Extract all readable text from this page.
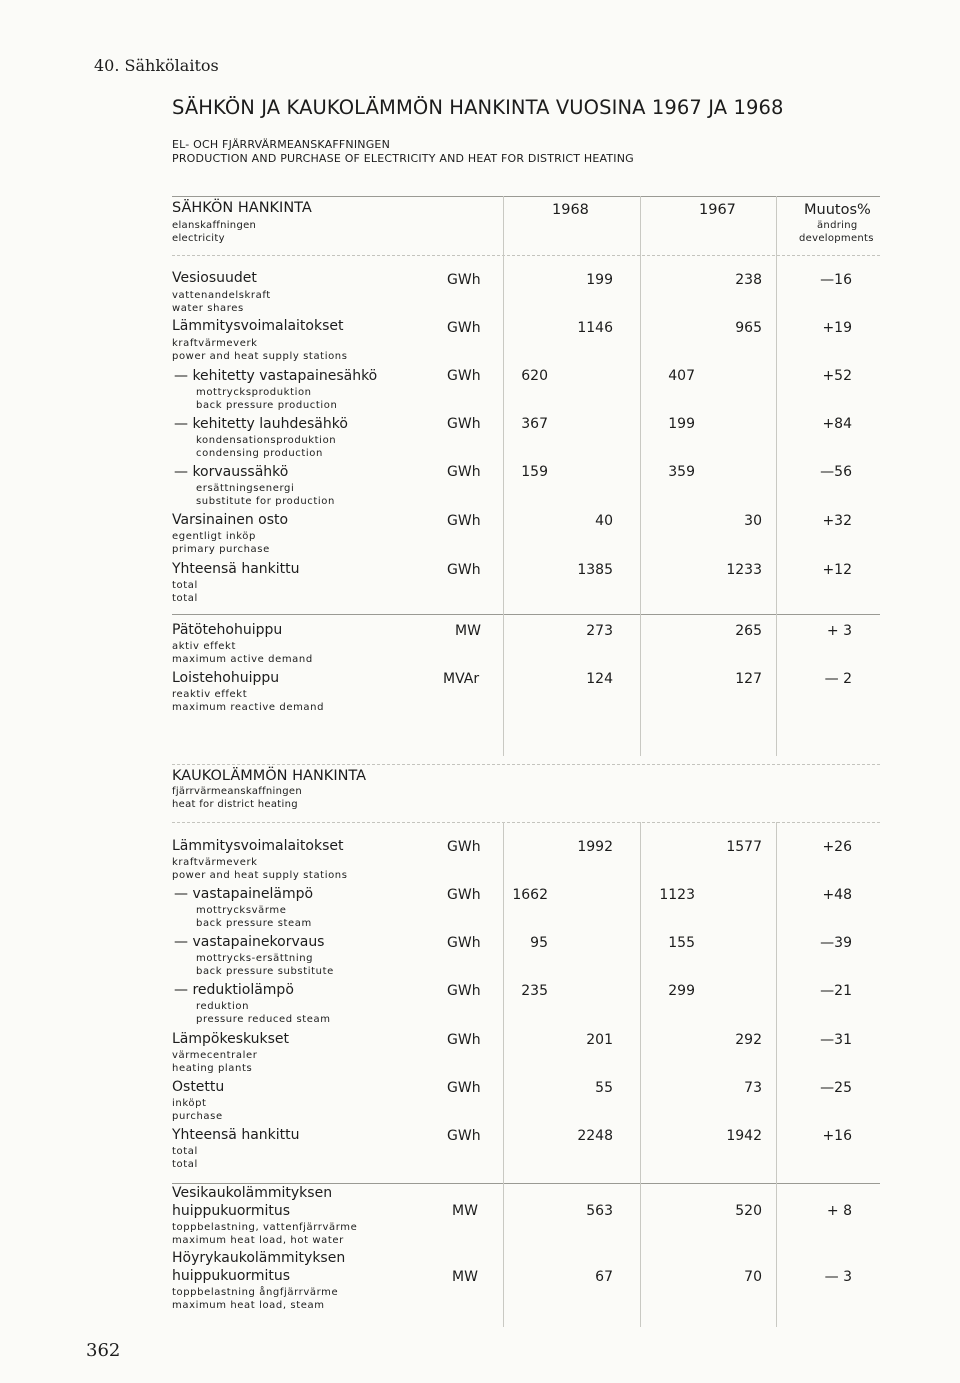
40. Sähkölaitos
SÄHKÖN JA KAUKOLÄMMÖN HANKINTA VUOSINA 1967 JA 1968
EL- OCH FJÄRRVÄRMEANSKAFFNINGEN
PRODUCTION AND PURCHASE OF ELECTRICITY AND HEAT FOR DISTRICT HEATING
362
SÄHKÖN HANKINTA
elanskaffningen
electricity
1968	1967	Muutos%
ändring
developments
Vesiosuudet
vattenandelskraft
water shares
GWh	199	238	—16
Lämmitysvoimalaitokset
kraftvärmeverk
power and heat supply stations
GWh	1146	965	+19
— kehitetty vastapainesähkö
mottrycksproduktion
back pressure production
GWh	620	407	+52
— kehitetty lauhdesähkö
kondensationsproduktion
condensing production
GWh	367	199	+84
— korvaussähkö
ersättningsenergi
substitute for production
GWh	159	359	—56
Varsinainen osto
egentligt inköp
primary purchase
GWh	40	30	+32
Yhteensä hankittu
total
total
GWh	1385	1233	+12
Pätötehohuippu
aktiv effekt
maximum active demand
MW	273	265	+ 3
Loistehohuippu
reaktiv effekt
maximum reactive demand
MVAr	124	127	— 2
KAUKOLÄMMÖN HANKINTA
fjärrvärmeanskaffningen
heat for district heating
Lämmitysvoimalaitokset
kraftvärmeverk
power and heat supply stations
GWh	1992	1577	+26
— vastapainelämpö
mottrycksvärme
back pressure steam
GWh	1662	1123	+48
— vastapainekorvaus
mottrycks-ersättning
back pressure substitute
GWh	95	155	—39
— reduktiolämpö
reduktion
pressure reduced steam
GWh	235	299	—21
Lämpökeskukset
värmecentraler
heating plants
GWh	201	292	—31
Ostettu
inköpt
purchase
GWh	55	73	—25
Yhteensä hankittu
total
total
GWh	2248	1942	+16
Vesikaukolämmityksen
huippukuormitus
toppbelastning, vattenfjärrvärme
maximum heat load, hot water
MW	563	520	+ 8
Höyrykaukolämmityksen
huippukuormitus
toppbelastning ångfjärrvärme
maximum heat load, steam
MW	67	70	— 3
